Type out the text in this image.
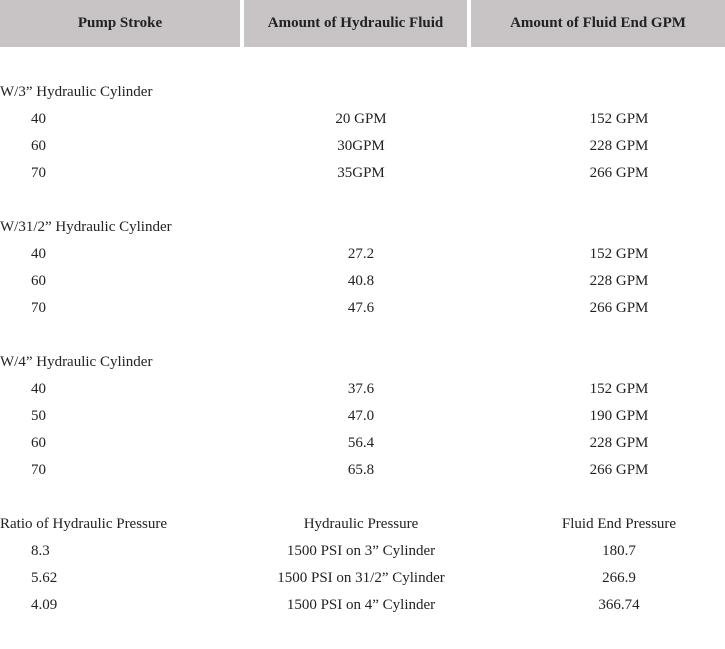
Pump Stroke	Amount of Hydraulic Fluid	Amount of Fluid End GPM
W/3” Hydraulic Cylinder
40	20 GPM	152 GPM
60	30GPM	228 GPM
70	35GPM	266 GPM
W/31/2” Hydraulic Cylinder
40	27.2	152 GPM
60	40.8	228 GPM
70	47.6	266 GPM
W/4” Hydraulic Cylinder
40	37.6	152 GPM
50	47.0	190 GPM
60	56.4	228 GPM
70	65.8	266 GPM
Ratio of Hydraulic Pressure	Hydraulic Pressure	Fluid End Pressure
8.3	1500 PSI on 3” Cylinder	180.7
5.62	1500 PSI on 31/2” Cylinder	266.9
4.09	1500 PSI on 4” Cylinder	366.74
